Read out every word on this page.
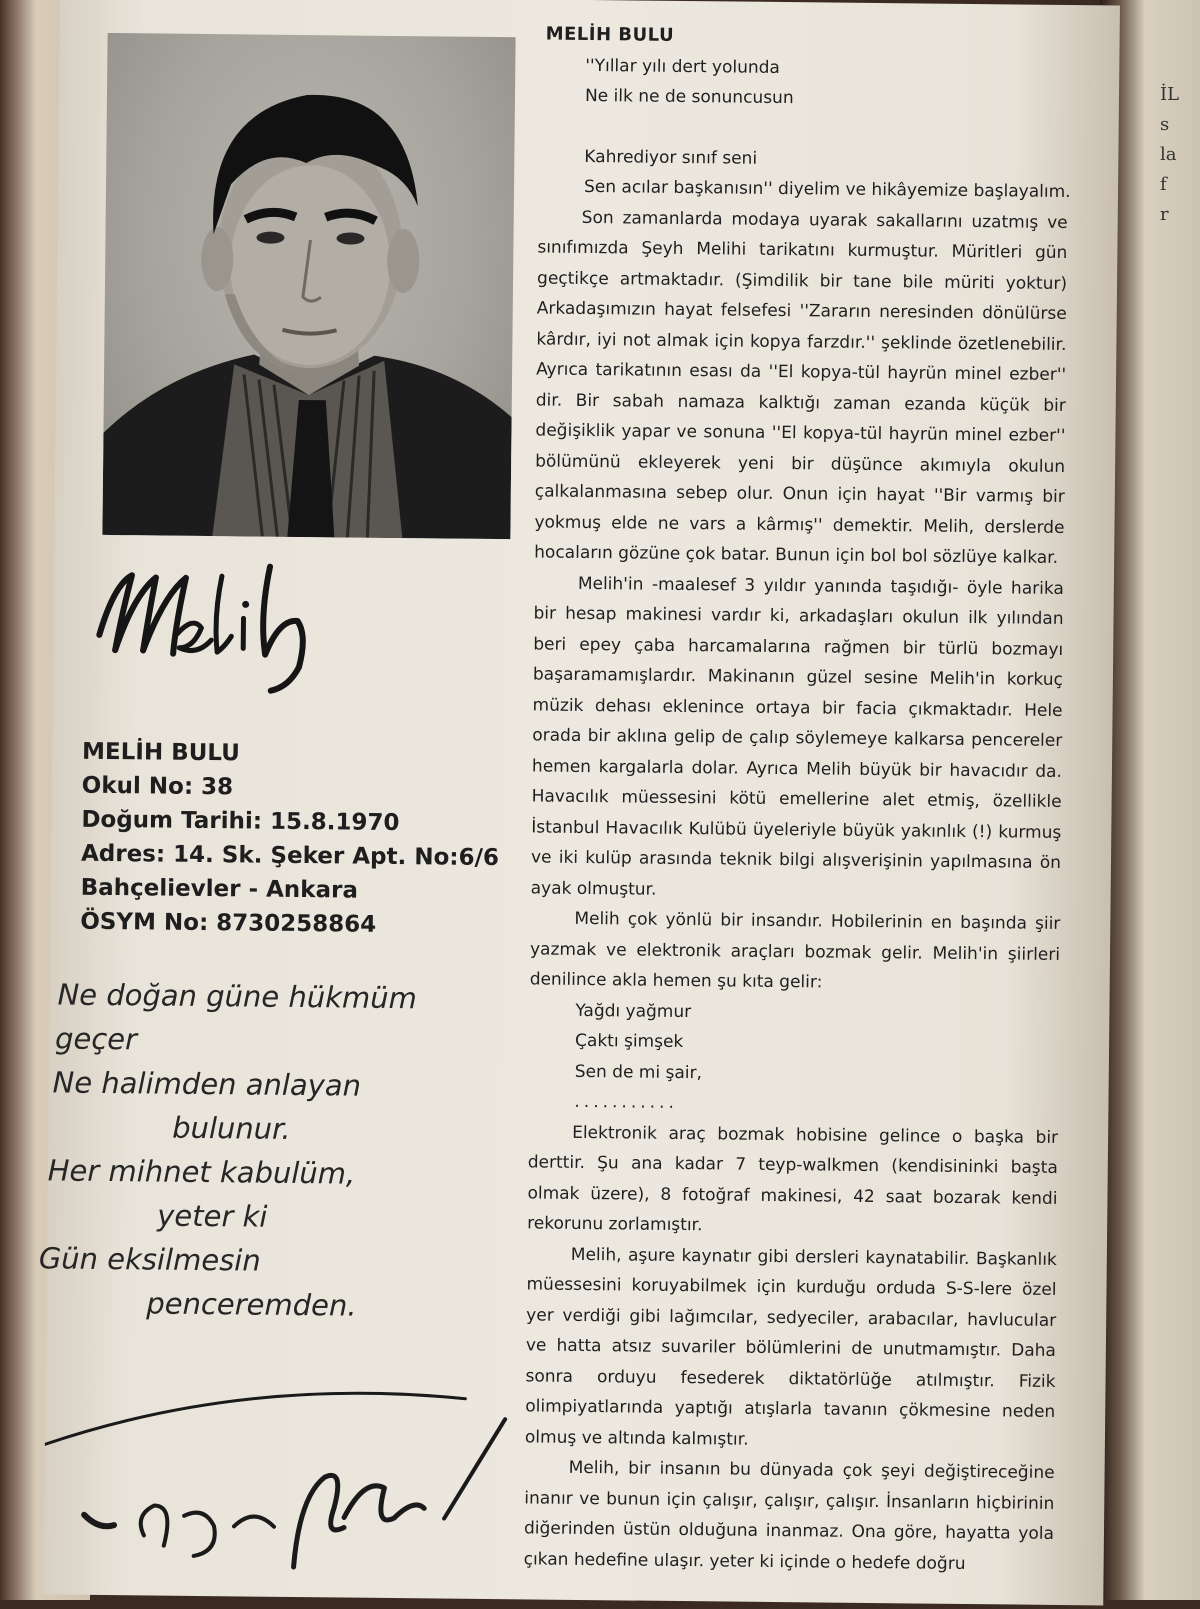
İL
s
la
f
r
MELİH BULU
Okul No: 38
Doğum Tarihi: 15.8.1970
Adres: 14. Sk. Şeker Apt. No:6/6
Bahçelievler - Ankara
ÖSYM No: 8730258864
Ne doğan güne hükmüm
geçer
Ne halimden anlayan
bulunur.
Her mihnet kabulüm,
yeter ki
Gün eksilmesin
penceremden.
MELİH BULU
''Yıllar yılı dert yolunda
Ne ilk ne de sonuncusun
Kahrediyor sınıf seni
Sen acılar başkanısın'' diyelim ve hikâyemize başlayalım.

Son zamanlarda modaya uyarak sakallarını uzatmış ve sınıfımızda Şeyh Melihi tarikatını kurmuştur. Müritleri gün geçtikçe artmaktadır. (Şimdilik bir tane bile müriti yoktur) Arkadaşımızın hayat felsefesi ''Zararın neresinden dönülürse kârdır, iyi not almak için kopya farzdır.'' şeklinde özetlenebilir. Ayrıca tarikatının esası da ''El kopya-tül hayrün minel ezber'' dir. Bir sabah namaza kalktığı zaman ezanda küçük bir değişiklik yapar ve sonuna ''El kopya-tül hayrün minel ezber'' bölümünü ekleyerek yeni bir düşünce akımıyla okulun çalkalanmasına sebep olur. Onun için hayat ''Bir varmış bir yokmuş elde ne vars a kârmış'' demektir. Melih, derslerde hocaların gözüne çok batar. Bunun için bol bol sözlüye kalkar.

Melih'in -maalesef 3 yıldır yanında taşıdığı- öyle harika bir hesap makinesi vardır ki, arkadaşları okulun ilk yılından beri epey çaba harcamalarına rağmen bir türlü bozmayı başaramamışlardır. Makinanın güzel sesine Melih'in korkuç müzik dehası eklenince ortaya bir facia çıkmaktadır. Hele orada bir aklına gelip de çalıp söylemeye kalkarsa pencereler hemen kargalarla dolar. Ayrıca Melih büyük bir havacıdır da. Havacılık müessesini kötü emellerine alet etmiş, özellikle İstanbul Havacılık Kulübü üyeleriyle büyük yakınlık (!) kurmuş ve iki kulüp arasında teknik bilgi alışverişinin yapılmasına ön ayak olmuştur.

Melih çok yönlü bir insandır. Hobilerinin en başında şiir yazmak ve elektronik araçları bozmak gelir. Melih'in şiirleri denilince akla hemen şu kıta gelir:

Yağdı yağmur
Çaktı şimşek
Sen de mi şair,
...........

Elektronik araç bozmak hobisine gelince o başka bir derttir. Şu ana kadar 7 teyp-walkmen (kendisininki başta olmak üzere), 8 fotoğraf makinesi, 42 saat bozarak kendi rekorunu zorlamıştır.

Melih, aşure kaynatır gibi dersleri kaynatabilir. Başkanlık müessesini koruyabilmek için kurduğu orduda S-S-lere özel yer verdiği gibi lağımcılar, sedyeciler, arabacılar, havlucular ve hatta atsız suvariler bölümlerini de unutmamıştır. Daha sonra orduyu fesederek diktatörlüğe atılmıştır. Fizik olimpiyatlarında yaptığı atışlarla tavanın çökmesine neden olmuş ve altında kalmıştır.

Melih, bir insanın bu dünyada çok şeyi değiştireceğine inanır ve bunun için çalışır, çalışır, çalışır. İnsanların hiçbirinin diğerinden üstün olduğuna inanmaz. Ona göre, hayatta yola çıkan hedefine ulaşır. yeter ki içinde o hedefe doğru
